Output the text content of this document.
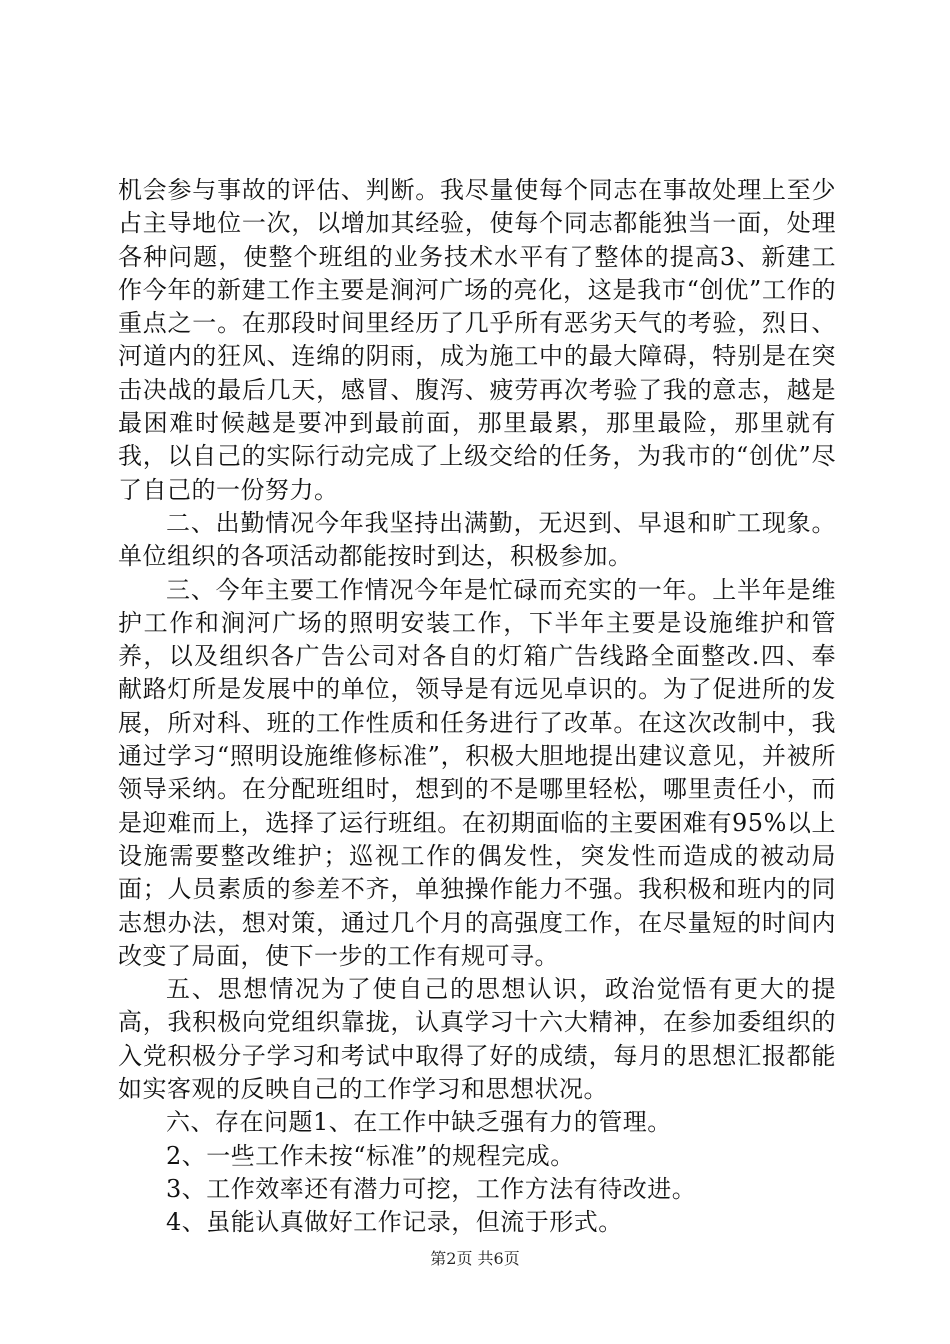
机会参与事故的评估、判断。我尽量使每个同志在事故处理上至少占主导地位一次，以增加其经验，使每个同志都能独当一面，处理各种问题，使整个班组的业务技术水平有了整体的提高3、新建工作今年的新建工作主要是涧河广场的亮化，这是我市“创优”工作的重点之一。在那段时间里经历了几乎所有恶劣天气的考验，烈日、河道内的狂风、连绵的阴雨，成为施工中的最大障碍，特别是在突击决战的最后几天，感冒、腹泻、疲劳再次考验了我的意志，越是最困难时候越是要冲到最前面，那里最累，那里最险，那里就有我，以自己的实际行动完成了上级交给的任务，为我市的“创优”尽了自己的一份努力。

二、出勤情况今年我坚持出满勤，无迟到、早退和旷工现象。单位组织的各项活动都能按时到达，积极参加。

三、今年主要工作情况今年是忙碌而充实的一年。上半年是维护工作和涧河广场的照明安装工作，下半年主要是设施维护和管养，以及组织各广告公司对各自的灯箱广告线路全面整改.四、奉献路灯所是发展中的单位，领导是有远见卓识的。为了促进所的发展，所对科、班的工作性质和任务进行了改革。在这次改制中，我通过学习“照明设施维修标准”，积极大胆地提出建议意见，并被所领导采纳。在分配班组时，想到的不是哪里轻松，哪里责任小，而是迎难而上，选择了运行班组。在初期面临的主要困难有95%以上设施需要整改维护；巡视工作的偶发性，突发性而造成的被动局面；人员素质的参差不齐，单独操作能力不强。我积极和班内的同志想办法，想对策，通过几个月的高强度工作，在尽量短的时间内改变了局面，使下一步的工作有规可寻。

五、思想情况为了使自己的思想认识，政治觉悟有更大的提高，我积极向党组织靠拢，认真学习十六大精神，在参加委组织的入党积极分子学习和考试中取得了好的成绩，每月的思想汇报都能如实客观的反映自己的工作学习和思想状况。

六、存在问题1、在工作中缺乏强有力的管理。

2、一些工作未按“标准”的规程完成。

3、工作效率还有潜力可挖，工作方法有待改进。

4、虽能认真做好工作记录，但流于形式。

第2页 共6页
